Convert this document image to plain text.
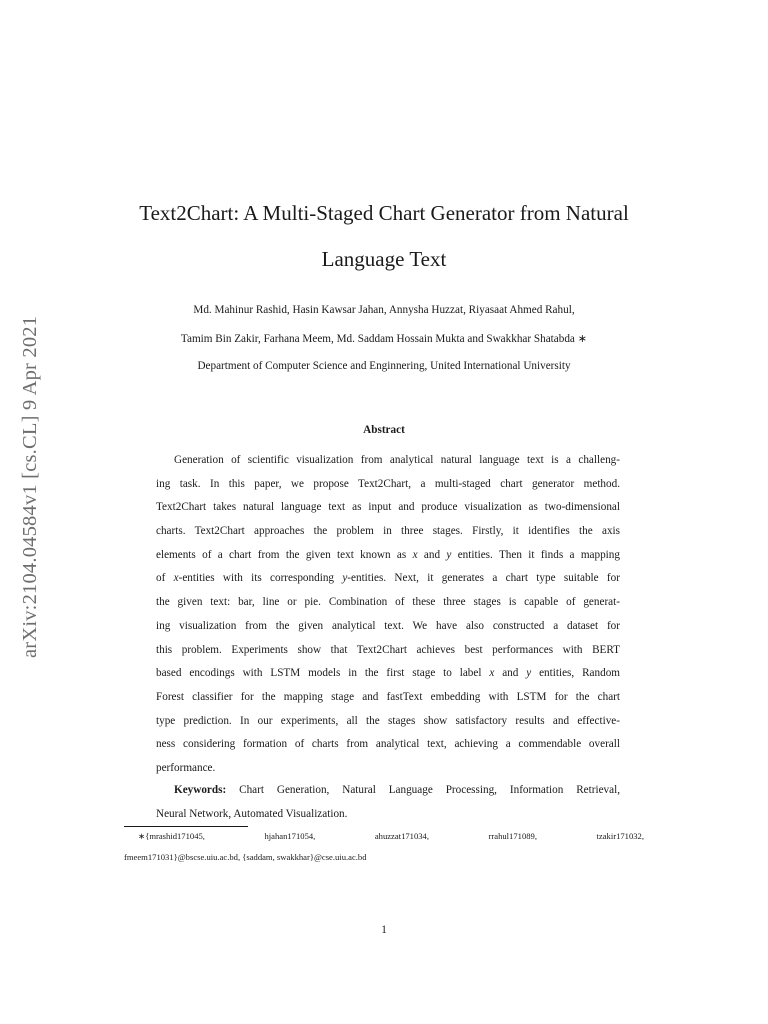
arXiv:2104.04584v1 [cs.CL] 9 Apr 2021
Text2Chart: A Multi-Staged Chart Generator from Natural
Language Text
Md. Mahinur Rashid, Hasin Kawsar Jahan, Annysha Huzzat, Riyasaat Ahmed Rahul,
Tamim Bin Zakir, Farhana Meem, Md. Saddam Hossain Mukta and Swakkhar Shatabda ∗
Department of Computer Science and Enginnering, United International University
Abstract
Generation of scientific visualization from analytical natural language text is a challeng-
ing task. In this paper, we propose Text2Chart, a multi-staged chart generator method.
Text2Chart takes natural language text as input and produce visualization as two-dimensional
charts. Text2Chart approaches the problem in three stages. Firstly, it identifies the axis
elements of a chart from the given text known as x and y entities. Then it finds a mapping
of x-entities with its corresponding y-entities. Next, it generates a chart type suitable for
the given text: bar, line or pie. Combination of these three stages is capable of generat-
ing visualization from the given analytical text. We have also constructed a dataset for
this problem. Experiments show that Text2Chart achieves best performances with BERT
based encodings with LSTM models in the first stage to label x and y entities, Random
Forest classifier for the mapping stage and fastText embedding with LSTM for the chart
type prediction. In our experiments, all the stages show satisfactory results and effective-
ness considering formation of charts from analytical text, achieving a commendable overall
performance.
Keywords: Chart Generation, Natural Language Processing, Information Retrieval,
Neural Network, Automated Visualization.
∗{mrashid171045, hjahan171054, ahuzzat171034, rrahul171089, tzakir171032,
fmeem171031}@bscse.uiu.ac.bd, {saddam, swakkhar}@cse.uiu.ac.bd
1
